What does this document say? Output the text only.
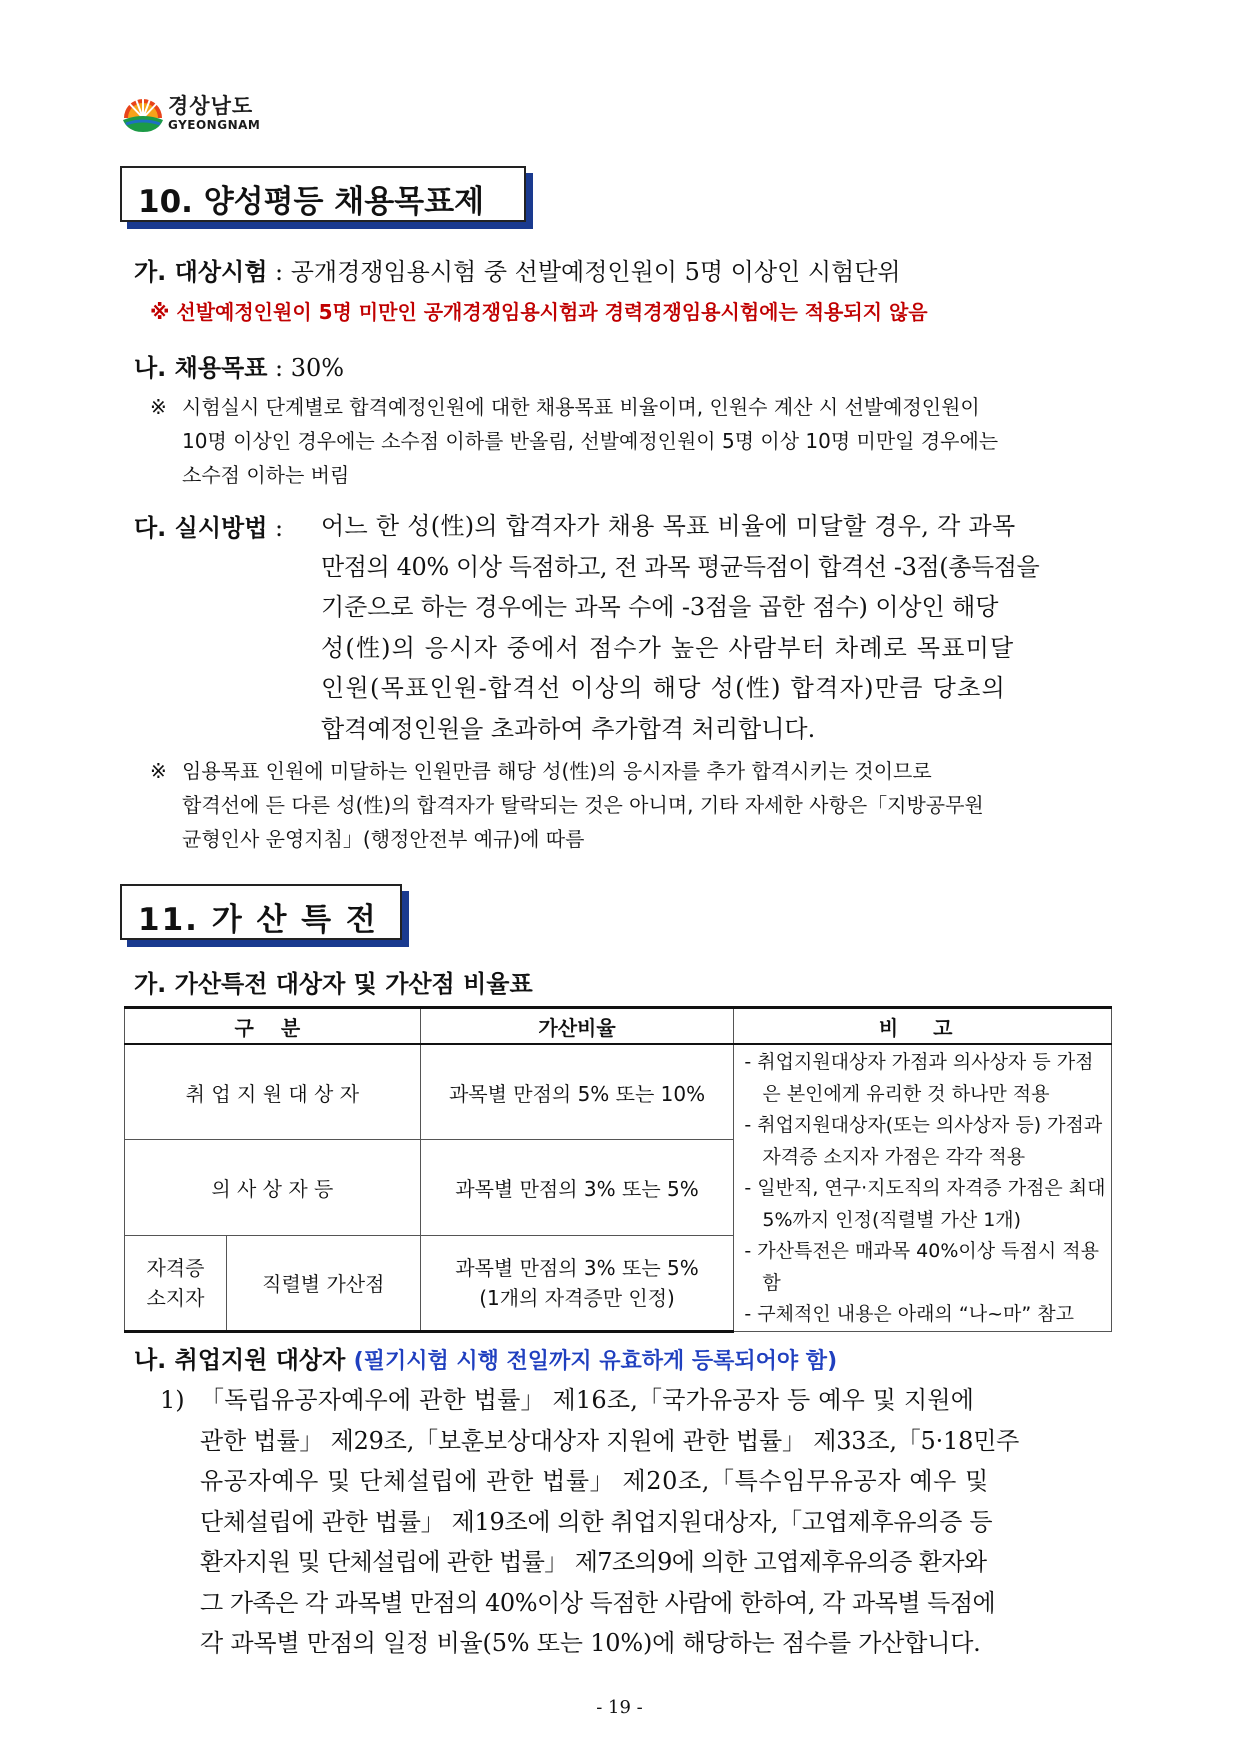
경상남도
GYEONGNAM
10. 양성평등 채용목표제
가. 대상시험 : 공개경쟁임용시험 중 선발예정인원이 5명 이상인 시험단위
※ 선발예정인원이 5명 미만인 공개경쟁임용시험과 경력경쟁임용시험에는 적용되지 않음
나. 채용목표 : 30%
※ 시험실시 단계별로 합격예정인원에 대한 채용목표 비율이며, 인원수 계산 시 선발예정인원이
10명 이상인 경우에는 소수점 이하를 반올림, 선발예정인원이 5명 이상 10명 미만일 경우에는
소수점 이하는 버림
다. 실시방법 : 어느 한 성(性)의 합격자가 채용 목표 비율에 미달할 경우, 각 과목
만점의 40% 이상 득점하고, 전 과목 평균득점이 합격선 -3점(총득점을
기준으로 하는 경우에는 과목 수에 -3점을 곱한 점수) 이상인 해당
성(性)의 응시자 중에서 점수가 높은 사람부터 차례로 목표미달
인원(목표인원-합격선 이상의 해당 성(性) 합격자)만큼 당초의
합격예정인원을 초과하여 추가합격 처리합니다.
※ 임용목표 인원에 미달하는 인원만큼 해당 성(性)의 응시자를 추가 합격시키는 것이므로
합격선에 든 다른 성(性)의 합격자가 탈락되는 것은 아니며, 기타 자세한 사항은「지방공무원
균형인사 운영지침」(행정안전부 예규)에 따름
11. 가 산 특 전
가. 가산특전 대상자 및 가산점 비율표
구 분		가산비율	비 고
취 업 지 원 대 상 자		과목별 만점의 5% 또는 10%	- 취업지원대상자 가점과 의사상자 등 가점은 본인에게 유리한 것 하나만 적용
- 취업지원대상자(또는 의사상자 등) 가점과 자격증 소지자 가점은 각각 적용
- 일반직, 연구·지도직의 자격증 가점은 최대 5%까지 인정(직렬별 가산 1개)
- 가산특전은 매과목 40%이상 득점시 적용함
- 구체적인 내용은 아래의 “나~마” 참고

의 사 상 자 등		과목별 만점의 3% 또는 5%	
자격증 소지자	직렬별 가산점	과목별 만점의 3% 또는 5%
(1개의 자격증만 인정)	
나. 취업지원 대상자 (필기시험 시행 전일까지 유효하게 등록되어야 함)
1) 「독립유공자예우에 관한 법률」 제16조,「국가유공자 등 예우 및 지원에
관한 법률」 제29조,「보훈보상대상자 지원에 관한 법률」 제33조,「5·18민주
유공자예우 및 단체설립에 관한 법률」 제20조,「특수임무유공자 예우 및
단체설립에 관한 법률」 제19조에 의한 취업지원대상자,「고엽제후유의증 등
환자지원 및 단체설립에 관한 법률」 제7조의9에 의한 고엽제후유의증 환자와
그 가족은 각 과목별 만점의 40%이상 득점한 사람에 한하여, 각 과목별 득점에
각 과목별 만점의 일정 비율(5% 또는 10%)에 해당하는 점수를 가산합니다.
- 19 -
